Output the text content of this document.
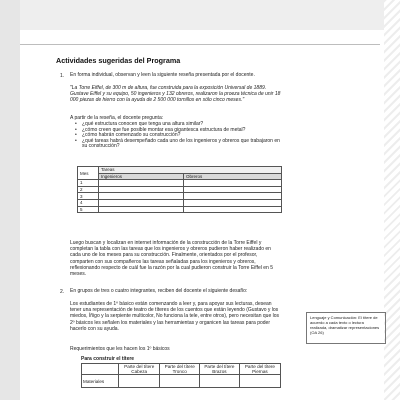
Actividades sugeridas del Programa
1. En forma individual, observan y leen la siguiente reseña presentada por el docente.
"La Torre Eiffel, de 300 m de altura, fue construida para la exposición Universal de 1889. Gustave Eiffel y su equipo, 50 ingenieros y 132 obreros, realizaron la proeza técnica de unir 18 000 piezas de hierro con la ayuda de 2 500 000 tornillos en sólo cinco meses."
A partir de la reseña, el docente pregunta:
• ¿qué estructura conocen que tenga una altura similar?
• ¿cómo creen que fue posible montar esa gigantesca estructura de metal?
• ¿cómo habrán comenzado su construcción?
• ¿qué tareas habrá desempeñado cada uno de los ingenieros y obreros que trabajaron en su construcción?
Mes	Tareas	
	Ingenieros	Obreros
1		
2		
3		
4		
5		
Luego buscan y localizan en internet información de la construcción de la Torre Eiffel y completan la tabla con las tareas que los ingenieros y obreros pudieron haber realizado en cada uno de los meses para su construcción. Finalmente, orientados por el profesor, comparten con sus compañeros las tareas señaladas para los ingenieros y obreros, reflexionando respecto de cuál fue la razón por la cual pudieron construir la Torre Eiffel en 5 meses.
2. En grupos de tres o cuatro integrantes, reciben del docente el siguiente desafío:
Los estudiantes de 1º básico están comenzando a leer y, para apoyar sus lecturas, desean tener una representación de teatro de títeres de los cuentos que están leyendo (Gustavo y los miedos, Íñigo y la serpiente multicolor, No funciona la tele, entre otros), pero necesitan que los 2º básicos les señalen los materiales y las herramientas y organicen las tareas para poder hacerlo con su ayuda.
Requerimientos que les hacen los 1º básicos
Para construir el títere
	Parte del títere Cabeza	Parte del títere Tronco	Parte del títere Brazos	Parte del títere Piernas
Materiales				
Lenguaje y Comunicación: El títere de acuerdo a cada texto o lectura realizada, dramatizar representaciones (OA 26)
